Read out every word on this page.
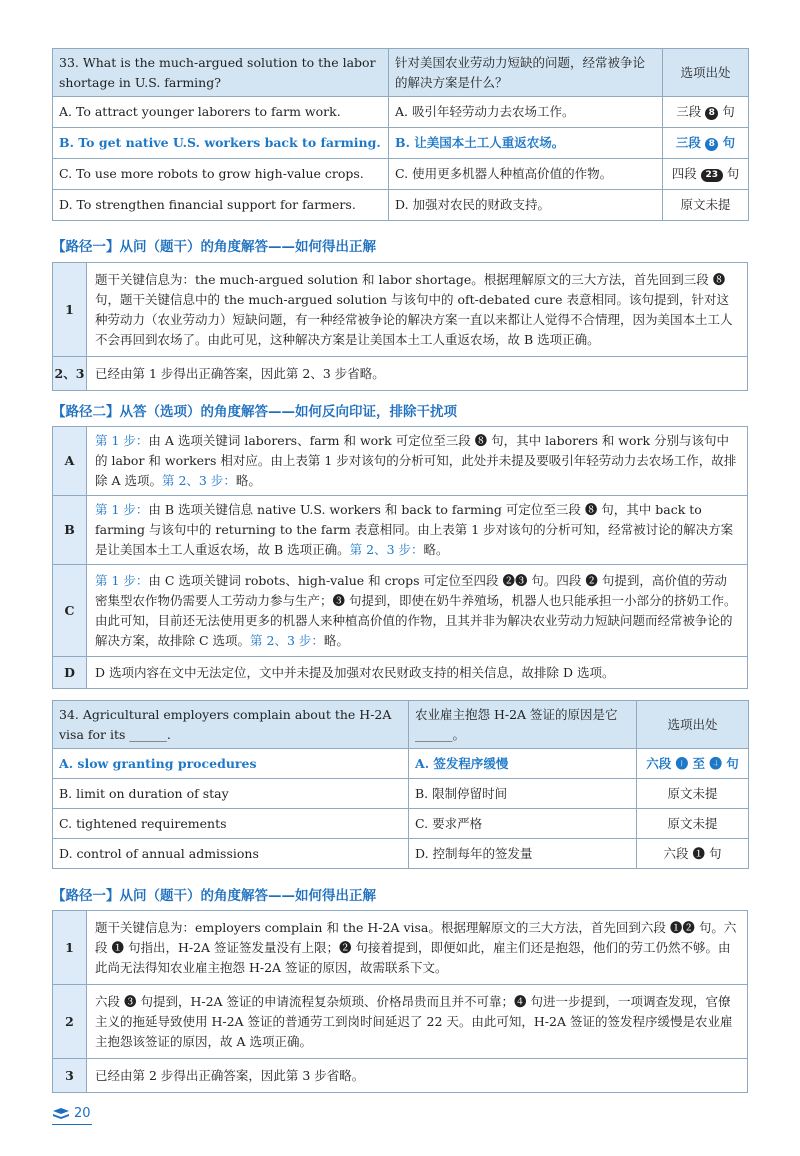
33. What is the much-argued solution to the labor shortage in U.S. farming?	针对美国农业劳动力短缺的问题，经常被争论的解决方案是什么？	选项出处
A. To attract younger laborers to farm work.	A. 吸引年轻劳动力去农场工作。	三段 8 句
B. To get native U.S. workers back to farming.	B. 让美国本土工人重返农场。	三段 8 句
C. To use more robots to grow high-value crops.	C. 使用更多机器人种植高价值的作物。	四段 23 句
D. To strengthen financial support for farmers.	D. 加强对农民的财政支持。	原文未提

【路径一】从问（题干）的角度解答——如何得出正解

1	题干关键信息为：the much-argued solution 和 labor shortage。根据理解原文的三大方法，首先回到三段 ❽ 句，题干关键信息中的 the much-argued solution 与该句中的 oft-debated cure 表意相同。该句提到，针对这种劳动力（农业劳动力）短缺问题，有一种经常被争论的解决方案一直以来都让人觉得不合情理，因为美国本土工人不会再回到农场了。由此可见，这种解决方案是让美国本土工人重返农场，故 B 选项正确。
2、3	已经由第 1 步得出正确答案，因此第 2、3 步省略。

【路径二】从答（选项）的角度解答——如何反向印证，排除干扰项

A	第 1 步：由 A 选项关键词 laborers、farm 和 work 可定位至三段 ❽ 句，其中 laborers 和 work 分别与该句中的 labor 和 workers 相对应。由上表第 1 步对该句的分析可知，此处并未提及要吸引年轻劳动力去农场工作，故排除 A 选项。第 2、3 步：略。
B	第 1 步：由 B 选项关键信息 native U.S. workers 和 back to farming 可定位至三段 ❽ 句，其中 back to farming 与该句中的 returning to the farm 表意相同。由上表第 1 步对该句的分析可知，经常被讨论的解决方案是让美国本土工人重返农场，故 B 选项正确。第 2、3 步：略。
C	第 1 步：由 C 选项关键词 robots、high-value 和 crops 可定位至四段 ❷❸ 句。四段 ❷ 句提到，高价值的劳动密集型农作物仍需要人工劳动力参与生产；❸ 句提到，即使在奶牛养殖场，机器人也只能承担一小部分的挤奶工作。由此可知，目前还无法使用更多的机器人来种植高价值的作物，且其并非为解决农业劳动力短缺问题而经常被争论的解决方案，故排除 C 选项。第 2、3 步：略。
D	D 选项内容在文中无法定位，文中并未提及加强对农民财政支持的相关信息，故排除 D 选项。
34. Agricultural employers complain about the H-2A visa for its ______.	农业雇主抱怨 H-2A 签证的原因是它______。	选项出处
A. slow granting procedures	A. 签发程序缓慢	六段 ❶ 至 ❹ 句
B. limit on duration of stay	B. 限制停留时间	原文未提
C. tightened requirements	C. 要求严格	原文未提
D. control of annual admissions	D. 控制每年的签发量	六段 ❶ 句

【路径一】从问（题干）的角度解答——如何得出正解

1	题干关键信息为：employers complain 和 the H-2A visa。根据理解原文的三大方法，首先回到六段 ❶❷ 句。六段 ❶ 句指出，H-2A 签证签发量没有上限；❷ 句接着提到，即便如此，雇主们还是抱怨，他们的劳工仍然不够。由此尚无法得知农业雇主抱怨 H-2A 签证的原因，故需联系下文。
2	六段 ❸ 句提到，H-2A 签证的申请流程复杂烦琐、价格昂贵而且并不可靠；❹ 句进一步提到，一项调查发现，官僚主义的拖延导致使用 H-2A 签证的普通劳工到岗时间延迟了 22 天。由此可知，H-2A 签证的签发程序缓慢是农业雇主抱怨该签证的原因，故 A 选项正确。
3	已经由第 2 步得出正确答案，因此第 3 步省略。
20
